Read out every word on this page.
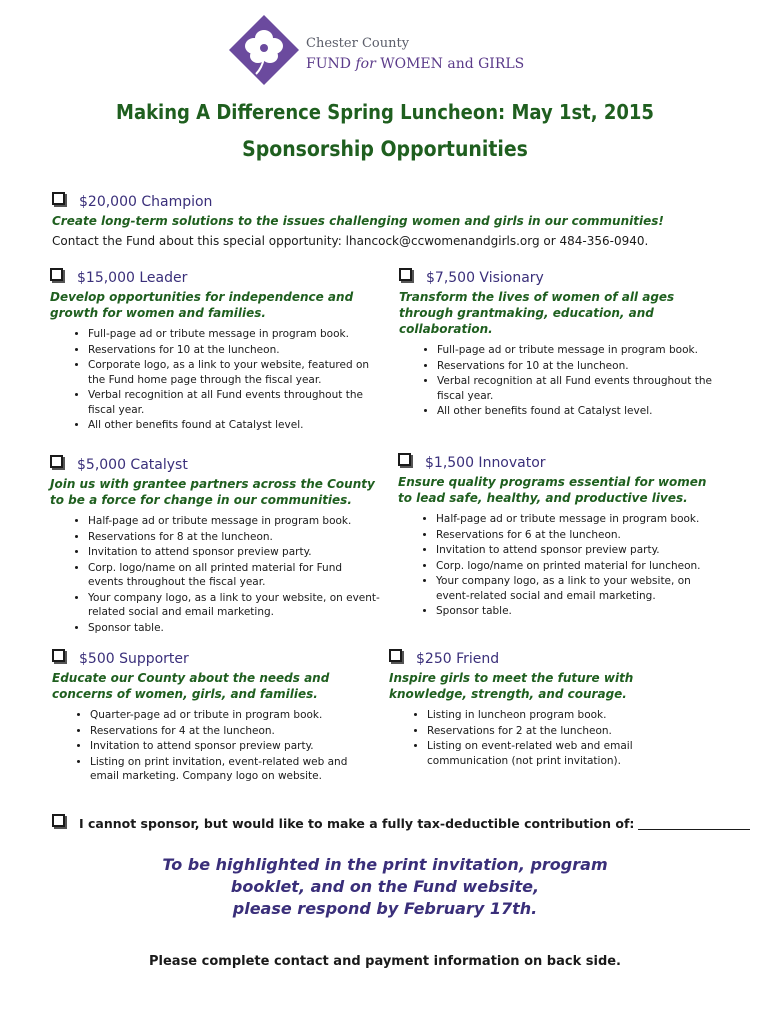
Chester County
FUND for WOMEN and GIRLS
Making A Difference Spring Luncheon: May 1st, 2015
Sponsorship Opportunities
$20,000 Champion
Create long-term solutions to the issues challenging women and girls in our communities!
Contact the Fund about this special opportunity: lhancock@ccwomenandgirls.org or 484-356-0940.
$15,000 Leader
Develop opportunities for independence and growth for women and families.
• Full-page ad or tribute message in program book.
• Reservations for 10 at the luncheon.
• Corporate logo, as a link to your website, featured on the Fund home page through the fiscal year.
• Verbal recognition at all Fund events throughout the fiscal year.
• All other benefits found at Catalyst level.
$7,500 Visionary
Transform the lives of women of all ages through grantmaking, education, and collaboration.
• Full-page ad or tribute message in program book.
• Reservations for 10 at the luncheon.
• Verbal recognition at all Fund events throughout the fiscal year.
• All other benefits found at Catalyst level.
$5,000 Catalyst
Join us with grantee partners across the County to be a force for change in our communities.
• Half-page ad or tribute message in program book.
• Reservations for 8 at the luncheon.
• Invitation to attend sponsor preview party.
• Corp. logo/name on all printed material for Fund events throughout the fiscal year.
• Your company logo, as a link to your website, on event-related social and email marketing.
• Sponsor table.
$1,500 Innovator
Ensure quality programs essential for women to lead safe, healthy, and productive lives.
• Half-page ad or tribute message in program book.
• Reservations for 6 at the luncheon.
• Invitation to attend sponsor preview party.
• Corp. logo/name on printed material for luncheon.
• Your company logo, as a link to your website, on event-related social and email marketing.
• Sponsor table.
$500 Supporter
Educate our County about the needs and concerns of women, girls, and families.
• Quarter-page ad or tribute in program book.
• Reservations for 4 at the luncheon.
• Invitation to attend sponsor preview party.
• Listing on print invitation, event-related web and email marketing. Company logo on website.
$250 Friend
Inspire girls to meet the future with knowledge, strength, and courage.
• Listing in luncheon program book.
• Reservations for 2 at the luncheon.
• Listing on event-related web and email communication (not print invitation).
I cannot sponsor, but would like to make a fully tax-deductible contribution of:
To be highlighted in the print invitation, program
booklet, and on the Fund website,
please respond by February 17th.
Please complete contact and payment information on back side.
